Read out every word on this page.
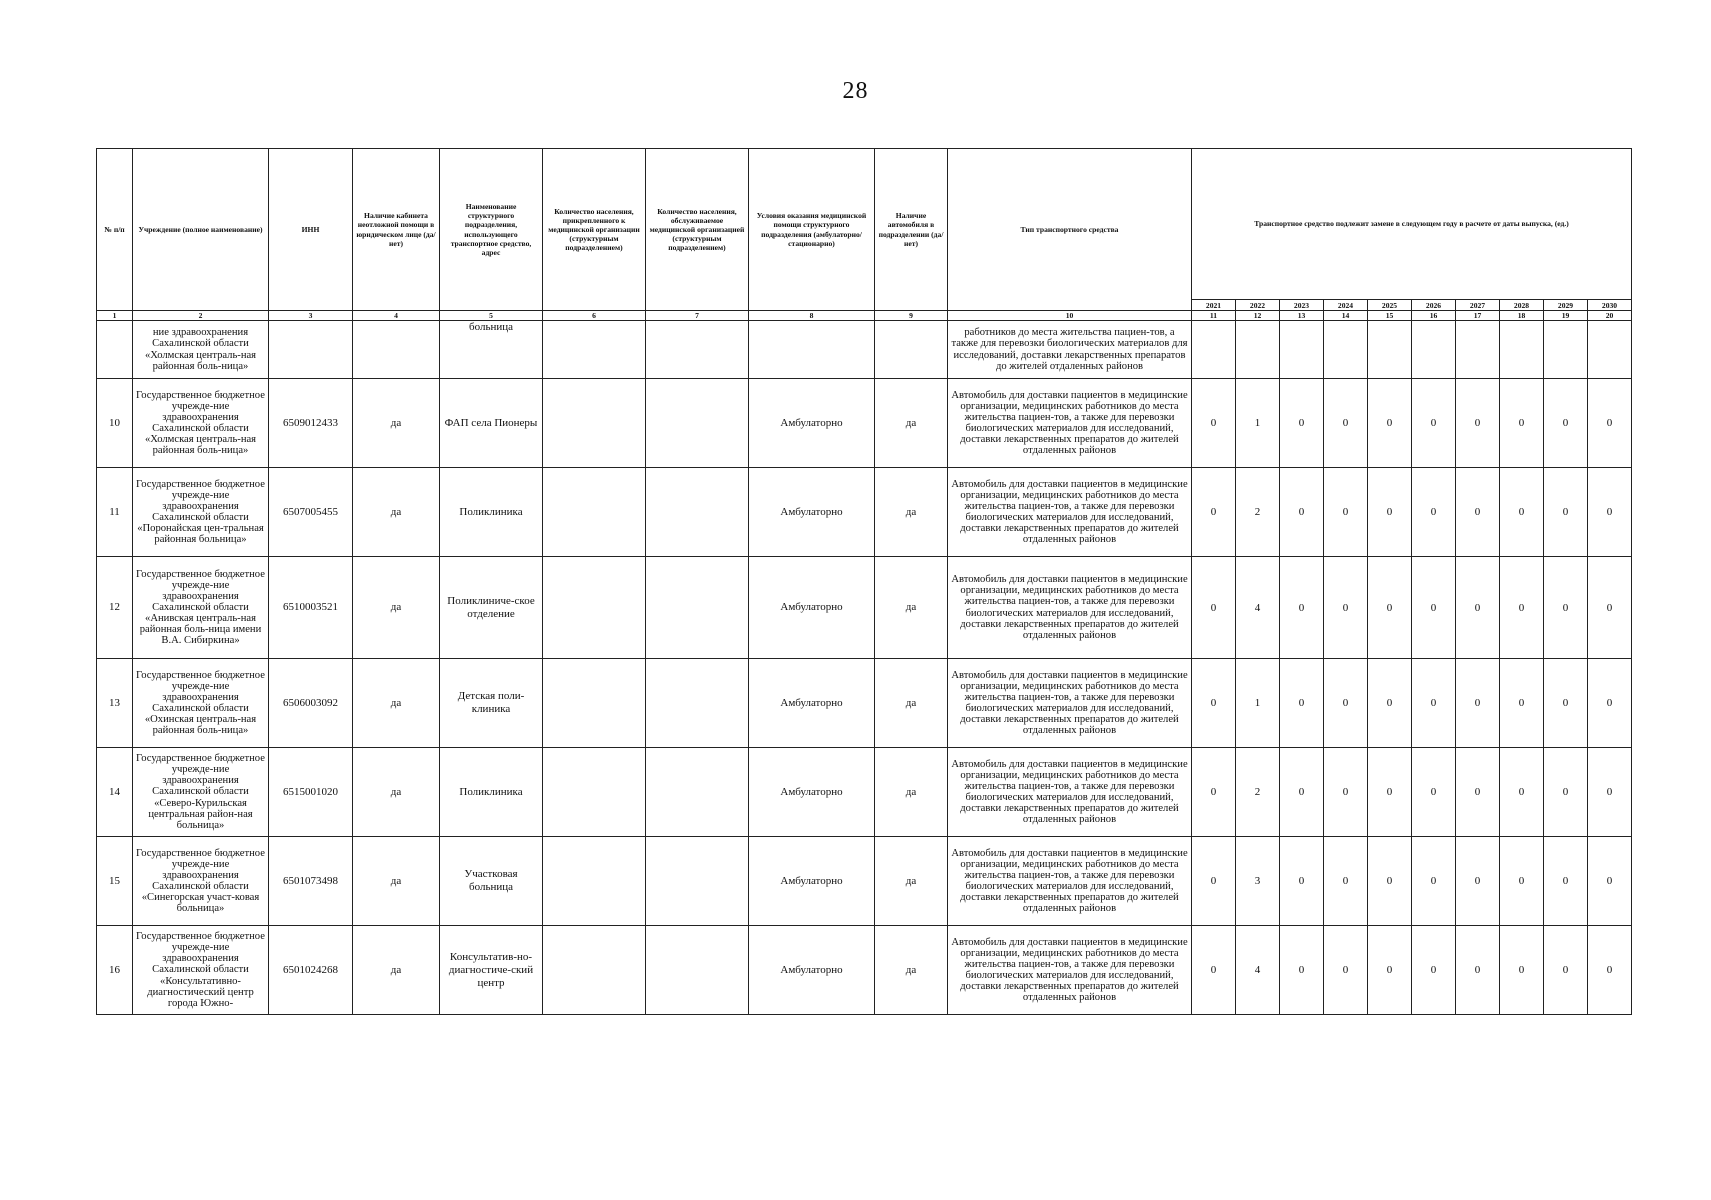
28
№ п/п	Учреждение (полное наименование)	ИНН	Наличие кабинета неотложной помощи в юридическом лице (да/нет)	Наименование структурного подразделения, использующего транспортное средство, адрес	Количество населения, прикрепленного к медицинской организации (структурным подразделением)	Количество населения, обслуживаемое медицинской организацией (структурным подразделением)	Условия оказания медицинской помощи структурного подразделения (амбулаторно/стационарно)	Наличие автомобиля в подразделении (да/нет)	Тип транспортного средства	Транспортное средство подлежит замене в следующем году в расчете от даты выпуска, (ед.)									
										2021	2022	2023	2024	2025	2026	2027	2028	2029	2030
1	2	3	4	5	6	7	8	9	10	11	12	13	14	15	16	17	18	19	20
	ние здравоохранения Сахалинской области «Холмская централь-ная районная боль-ница»			больница					работников до места жительства пациен-тов, а также для перевозки биологических материалов для исследований, доставки лекарственных препаратов до жителей отдаленных районов										
10	Государственное бюджетное учрежде-ние здравоохранения Сахалинской области «Холмская централь-ная районная боль-ница»	6509012433	да	ФАП села Пионеры			Амбулаторно	да	Автомобиль для доставки пациентов в медицинские организации, медицинских работников до места жительства пациен-тов, а также для перевозки биологических материалов для исследований, доставки лекарственных препаратов до жителей отдаленных районов	0	1	0	0	0	0	0	0	0	0
11	Государственное бюджетное учрежде-ние здравоохранения Сахалинской области «Поронайская цен-тральная районная больница»	6507005455	да	Поликлиника			Амбулаторно	да	Автомобиль для доставки пациентов в медицинские организации, медицинских работников до места жительства пациен-тов, а также для перевозки биологических материалов для исследований, доставки лекарственных препаратов до жителей отдаленных районов	0	2	0	0	0	0	0	0	0	0
12	Государственное бюджетное учрежде-ние здравоохранения Сахалинской области «Анивская централь-ная районная боль-ница имени В.А. Сибиркина»	6510003521	да	Поликлиниче-ское отделение			Амбулаторно	да	Автомобиль для доставки пациентов в медицинские организации, медицинских работников до места жительства пациен-тов, а также для перевозки биологических материалов для исследований, доставки лекарственных препаратов до жителей отдаленных районов	0	4	0	0	0	0	0	0	0	0
13	Государственное бюджетное учрежде-ние здравоохранения Сахалинской области «Охинская централь-ная районная боль-ница»	6506003092	да	Детская поли-клиника			Амбулаторно	да	Автомобиль для доставки пациентов в медицинские организации, медицинских работников до места жительства пациен-тов, а также для перевозки биологических материалов для исследований, доставки лекарственных препаратов до жителей отдаленных районов	0	1	0	0	0	0	0	0	0	0
14	Государственное бюджетное учрежде-ние здравоохранения Сахалинской области «Северо-Курильская центральная район-ная больница»	6515001020	да	Поликлиника			Амбулаторно	да	Автомобиль для доставки пациентов в медицинские организации, медицинских работников до места жительства пациен-тов, а также для перевозки биологических материалов для исследований, доставки лекарственных препаратов до жителей отдаленных районов	0	2	0	0	0	0	0	0	0	0
15	Государственное бюджетное учрежде-ние здравоохранения Сахалинской области «Синегорская участ-ковая больница»	6501073498	да	Участковая больница			Амбулаторно	да	Автомобиль для доставки пациентов в медицинские организации, медицинских работников до места жительства пациен-тов, а также для перевозки биологических материалов для исследований, доставки лекарственных препаратов до жителей отдаленных районов	0	3	0	0	0	0	0	0	0	0
16	Государственное бюджетное учрежде-ние здравоохранения Сахалинской области «Консультативно-диагностический центр города Южно-	6501024268	да	Консультатив-но-диагностиче-ский центр			Амбулаторно	да	Автомобиль для доставки пациентов в медицинские организации, медицинских работников до места жительства пациен-тов, а также для перевозки биологических материалов для исследований, доставки лекарственных препаратов до жителей отдаленных районов	0	4	0	0	0	0	0	0	0	0
